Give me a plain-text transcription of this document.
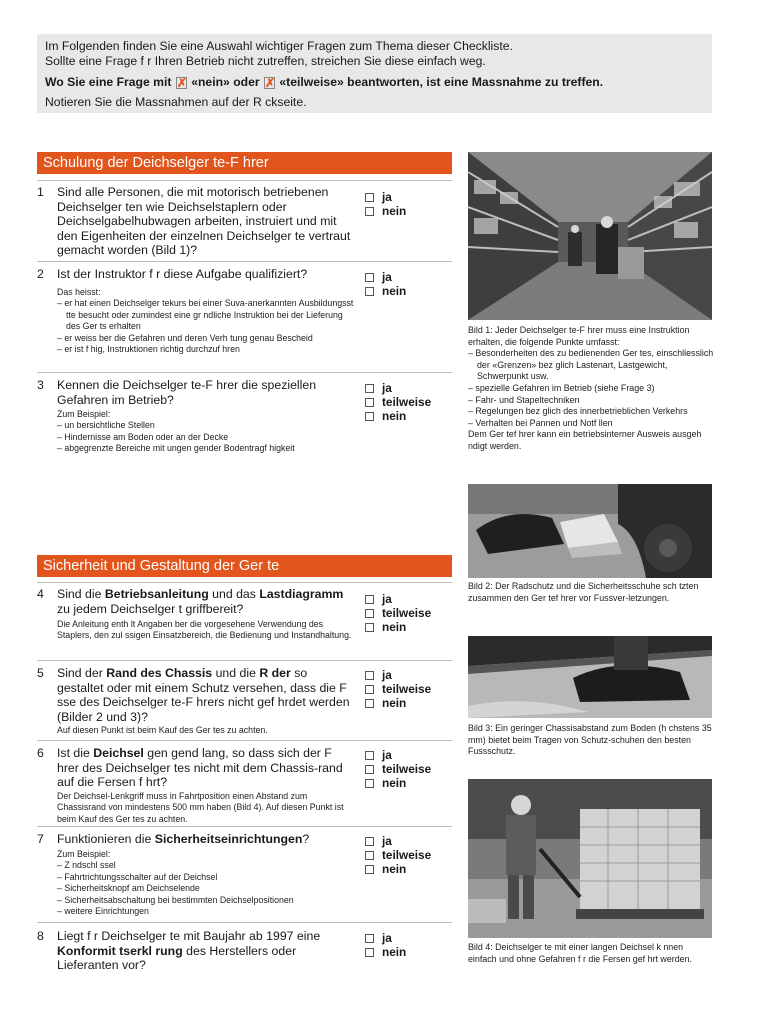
Im Folgenden finden Sie eine Auswahl wichtiger Fragen zum Thema dieser Checkliste.
Sollte eine Frage f r Ihren Betrieb nicht zutreffen, streichen Sie diese einfach weg.
Wo Sie eine Frage mit ✗ «nein» oder ✗ «teilweise» beantworten, ist eine Massnahme zu treffen.
Notieren Sie die Massnahmen auf der R ckseite.
Schulung der Deichselger te-F hrer
1 Sind alle Personen, die mit motorisch betriebenen Deichselger ten wie Deichselstaplern oder Deichselgabelhubwagen arbeiten, instruiert und mit den Eigenheiten der einzelnen Deichselger te vertraut gemacht worden (Bild 1)?
ja
nein
2 Ist der Instruktor f r diese Aufgabe qualifiziert?
Das heisst:
– er hat einen Deichselger tekurs bei einer Suva-anerkannten Ausbildungsst tte besucht oder zumindest eine gr ndliche Instruktion bei der Lieferung des Ger ts erhalten
– er weiss ber die Gefahren und deren Verh tung genau Bescheid
– er ist f hig, Instruktionen richtig durchzuf hren
ja
nein
3 Kennen die Deichselger te-F hrer die speziellen Gefahren im Betrieb?
Zum Beispiel:
– un bersichtliche Stellen
– Hindernisse am Boden oder an der Decke
– abgegrenzte Bereiche mit ungen gender Bodentragf higkeit
ja
teilweise
nein
Sicherheit und Gestaltung der Ger te
4 Sind die Betriebsanleitung und das Lastdiagramm zu jedem Deichselger t griffbereit?
Die Anleitung enth lt Angaben ber die vorgesehene Verwendung des Staplers, den zul ssigen Einsatzbereich, die Bedienung und Instandhaltung.
ja
teilweise
nein
5 Sind der Rand des Chassis und die R der so gestaltet oder mit einem Schutz versehen, dass die F sse des Deichselger te-F hrers nicht gef hrdet werden (Bilder 2 und 3)?
Auf diesen Punkt ist beim Kauf des Ger tes zu achten.
ja
teilweise
nein
6 Ist die Deichsel gen gend lang, so dass sich der F hrer des Deichselger tes nicht mit dem Chassis-rand auf die Fersen f hrt?
Der Deichsel-Lenkgriff muss in Fahrtposition einen Abstand zum Chassisrand von mindestens 500 mm haben (Bild 4). Auf diesen Punkt ist beim Kauf des Ger tes zu achten.
ja
teilweise
nein
7 Funktionieren die Sicherheitseinrichtungen?
Zum Beispiel:
– Z ndschl ssel
– Fahrtrichtungsschalter auf der Deichsel
– Sicherheitsknopf am Deichselende
– Sicherheitsabschaltung bei bestimmten Deichselpositionen
– weitere Einrichtungen
ja
teilweise
nein
8 Liegt f r Deichselger te mit Baujahr ab 1997 eine Konformit tserkl rung des Herstellers oder Lieferanten vor?
ja
nein
Bild 1: Jeder Deichselger te-F hrer muss eine Instruktion erhalten, die folgende Punkte umfasst:
– Besonderheiten des zu bedienenden Ger tes, einschliesslich der «Grenzen» bez glich Lastenart, Lastgewicht, Schwerpunkt usw.
– spezielle Gefahren im Betrieb (siehe Frage 3)
– Fahr- und Stapeltechniken
– Regelungen bez glich des innerbetrieblichen Verkehrs
– Verhalten bei Pannen und Notf llen
Dem Ger tef hrer kann ein betriebsinterner Ausweis ausgeh ndigt werden.
Bild 2: Der Radschutz und die Sicherheitsschuhe sch tzten zusammen den Ger tef hrer vor Fussver-letzungen.
Bild 3: Ein geringer Chassisabstand zum Boden (h chstens 35 mm) bietet beim Tragen von Schutz-schuhen den besten Fussschutz.
Bild 4: Deichselger te mit einer langen Deichsel k nnen einfach und ohne Gefahren f r die Fersen gef hrt werden.
